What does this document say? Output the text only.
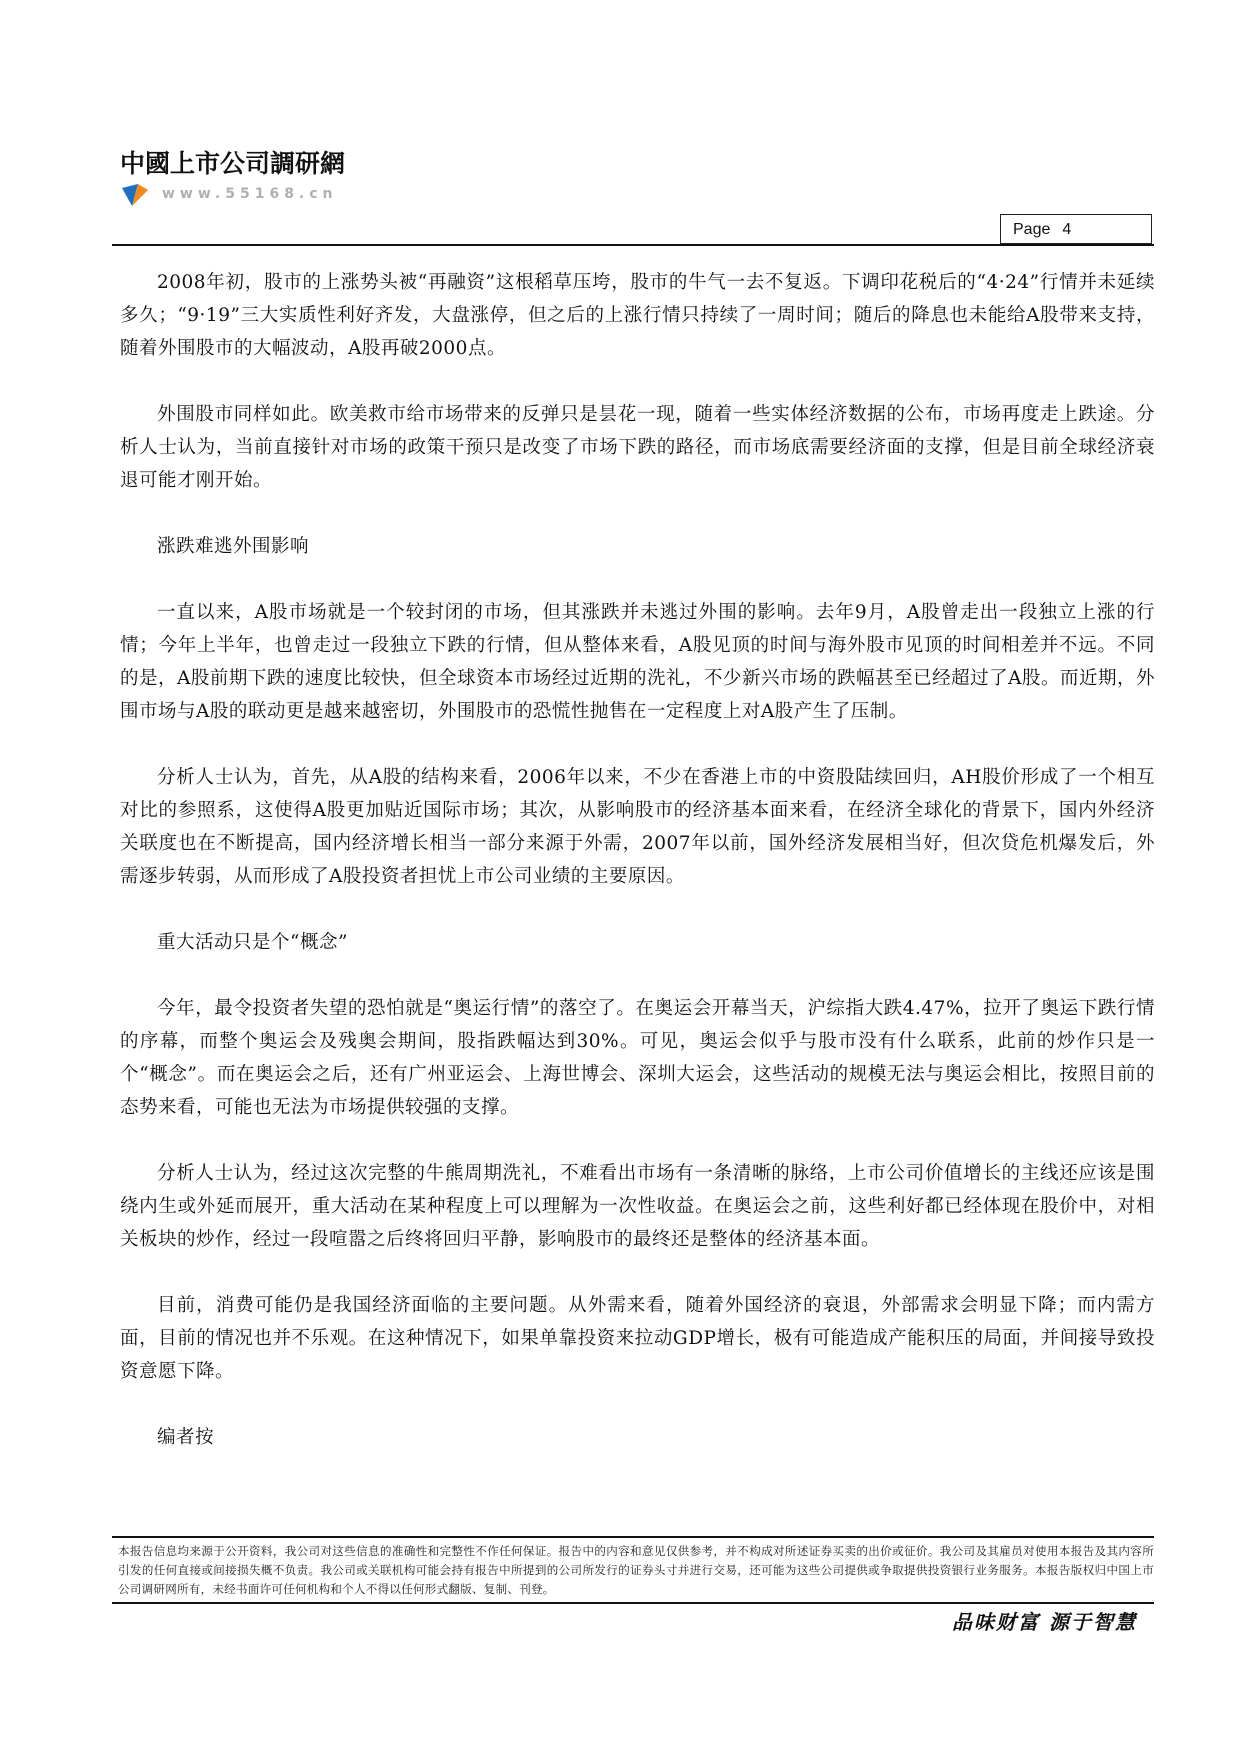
中國上市公司調研網
www.55168.cn
Page 4

2008年初，股市的上涨势头被“再融资”这根稻草压垮，股市的牛气一去不复返。下调印花税后的“4·24”行情并未延续多久；“9·19”三大实质性利好齐发，大盘涨停，但之后的上涨行情只持续了一周时间；随后的降息也未能给A股带来支持，随着外围股市的大幅波动，A股再破2000点。

外围股市同样如此。欧美救市给市场带来的反弹只是昙花一现，随着一些实体经济数据的公布，市场再度走上跌途。分析人士认为，当前直接针对市场的政策干预只是改变了市场下跌的路径，而市场底需要经济面的支撑，但是目前全球经济衰退可能才刚开始。

涨跌难逃外围影响

一直以来，A股市场就是一个较封闭的市场，但其涨跌并未逃过外围的影响。去年9月，A股曾走出一段独立上涨的行情；今年上半年，也曾走过一段独立下跌的行情，但从整体来看，A股见顶的时间与海外股市见顶的时间相差并不远。不同的是，A股前期下跌的速度比较快，但全球资本市场经过近期的洗礼，不少新兴市场的跌幅甚至已经超过了A股。而近期，外围市场与A股的联动更是越来越密切，外围股市的恐慌性抛售在一定程度上对A股产生了压制。

分析人士认为，首先，从A股的结构来看，2006年以来，不少在香港上市的中资股陆续回归，AH股价形成了一个相互对比的参照系，这使得A股更加贴近国际市场；其次，从影响股市的经济基本面来看，在经济全球化的背景下，国内外经济关联度也在不断提高，国内经济增长相当一部分来源于外需，2007年以前，国外经济发展相当好，但次贷危机爆发后，外需逐步转弱，从而形成了A股投资者担忧上市公司业绩的主要原因。

重大活动只是个“概念”

今年，最令投资者失望的恐怕就是“奥运行情”的落空了。在奥运会开幕当天，沪综指大跌4.47%，拉开了奥运下跌行情的序幕，而整个奥运会及残奥会期间，股指跌幅达到30%。可见，奥运会似乎与股市没有什么联系，此前的炒作只是一个“概念”。而在奥运会之后，还有广州亚运会、上海世博会、深圳大运会，这些活动的规模无法与奥运会相比，按照目前的态势来看，可能也无法为市场提供较强的支撑。

分析人士认为，经过这次完整的牛熊周期洗礼，不难看出市场有一条清晰的脉络，上市公司价值增长的主线还应该是围绕内生或外延而展开，重大活动在某种程度上可以理解为一次性收益。在奥运会之前，这些利好都已经体现在股价中，对相关板块的炒作，经过一段喧嚣之后终将回归平静，影响股市的最终还是整体的经济基本面。

目前，消费可能仍是我国经济面临的主要问题。从外需来看，随着外国经济的衰退，外部需求会明显下降；而内需方面，目前的情况也并不乐观。在这种情况下，如果单靠投资来拉动GDP增长，极有可能造成产能积压的局面，并间接导致投资意愿下降。

编者按

本报告信息均来源于公开资料，我公司对这些信息的准确性和完整性不作任何保证。报告中的内容和意见仅供参考，并不构成对所述证券买卖的出价或征价。我公司及其雇员对使用本报告及其内容所引发的任何直接或间接损失概不负责。我公司或关联机构可能会持有报告中所提到的公司所发行的证券头寸并进行交易，还可能为这些公司提供或争取提供投资银行业务服务。本报告版权归中国上市公司调研网所有，未经书面许可任何机构和个人不得以任何形式翻版、复制、刊登。
品味财富 源于智慧
